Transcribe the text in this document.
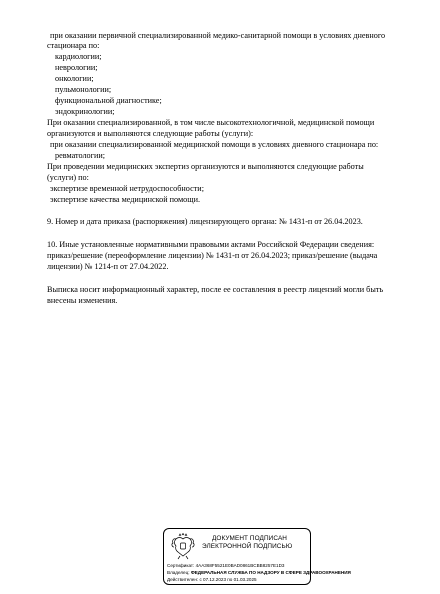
при оказании первичной специализированной медико-санитарной помощи в условиях дневного
стационара по:
кардиологии;
неврологии;
онкологии;
пульмонологии;
функциональной диагностике;
эндокринологии;
При оказании специализированной, в том числе высокотехнологичной, медицинской помощи
организуются и выполняются следующие работы (услуги):
при оказании специализированной медицинской помощи в условиях дневного стационара по:
ревматологии;
При проведении медицинских экспертиз организуются и выполняются следующие работы
(услуги) по:
экспертизе временной нетрудоспособности;
экспертизе качества медицинской помощи.
9. Номер и дата приказа (распоряжения) лицензирующего органа: № 1431-п от 26.04.2023.
10. Иные установленные нормативными правовыми актами Российской Федерации сведения:
приказ/решение (переоформление лицензии) № 1431-п от 26.04.2023; приказ/решение (выдача
лицензии) № 1214-п от 27.04.2022.
Выписка носит информационный характер, после ее составления в реестр лицензий могли быть
внесены изменения.
ДОКУМЕНТ ПОДПИСАН
ЭЛЕКТРОННОЙ ПОДПИСЬЮ
Сертификат: 4AA368F5521E0BAD0861BCBB8257E1D3
Владелец: ФЕДЕРАЛЬНАЯ СЛУЖБА ПО НАДЗОРУ В СФЕРЕ ЗДРАВООХРАНЕНИЯ
Действителен: с 07.12.2023 по 01.03.2025
